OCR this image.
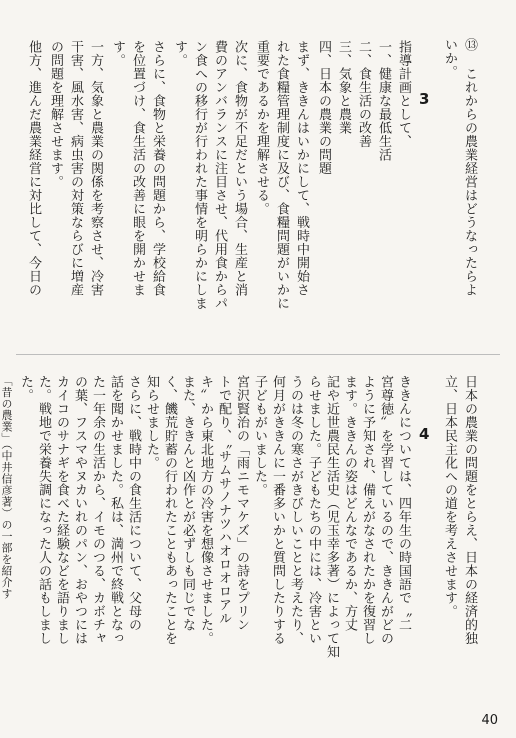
⑬ これからの農業経営はどうなったらよ
いか。
3
指導計画として、
一、健康な最低生活
二、食生活の改善
三、気象と農業
四、日本の農業の問題
まず、ききんはいかにして、戦時中開始さ
れた食糧管理制度に及び、食糧問題がいかに
重要であるかを理解させる。
次に、食物が不足だという場合、生産と消
費のアンバランスに注目させ、代用食からパ
ン食への移行が行われた事情を明らかにしま
す。
さらに、食物と栄養の問題から、学校給食
を位置づけ、食生活の改善に眼を開かせま
す。
一方、気象と農業の関係を考察させ、冷害
干害、風水害、病虫害の対策ならびに増産
の問題を理解させます。
他方、進んだ農業経営に対比して、今日の
日本の農業の問題をとらえ、日本の経済的独
立、日本民主化への道を考えさせます。
4
ききんについては、四年生の時国語で〝二
宮尊徳〟を学習しているので、ききんがどの
ように予知され、備えがなされたかを復習し
ます。ききんの姿はどんなであるか、方丈
記や近世農民生活史（児玉幸多著）によって知
らせました。子どもたちの中には、冷害とい
うのは冬の寒さがきびしいことと考えたり、
何月がききんに一番多いかと質問したりする
子どもがいました。
宮沢賢治の「雨ニモマケズ」の詩をプリン
トで配り、〝サムサノナツハオロオロアル
キ〟から東北地方の冷害を想像させました。
また、ききんと凶作とが必ずしも同じでな
く、饑荒貯蓄の行われたこともあったことを
知らせました。
さらに、戦時中の食生活について、父母の
話を聞かせました。私は、満州で終戦となっ
た一年余の生活から、イモのつる、カボチャ
の葉、フスマやヌカいれのパン、おやつには
カイコのサナギを食べた経験などを語りまし
た。戦地で栄養失調になった人の話もしまし
た。
40
「昔の農業」（中井信彦著）の一部を紹介す
